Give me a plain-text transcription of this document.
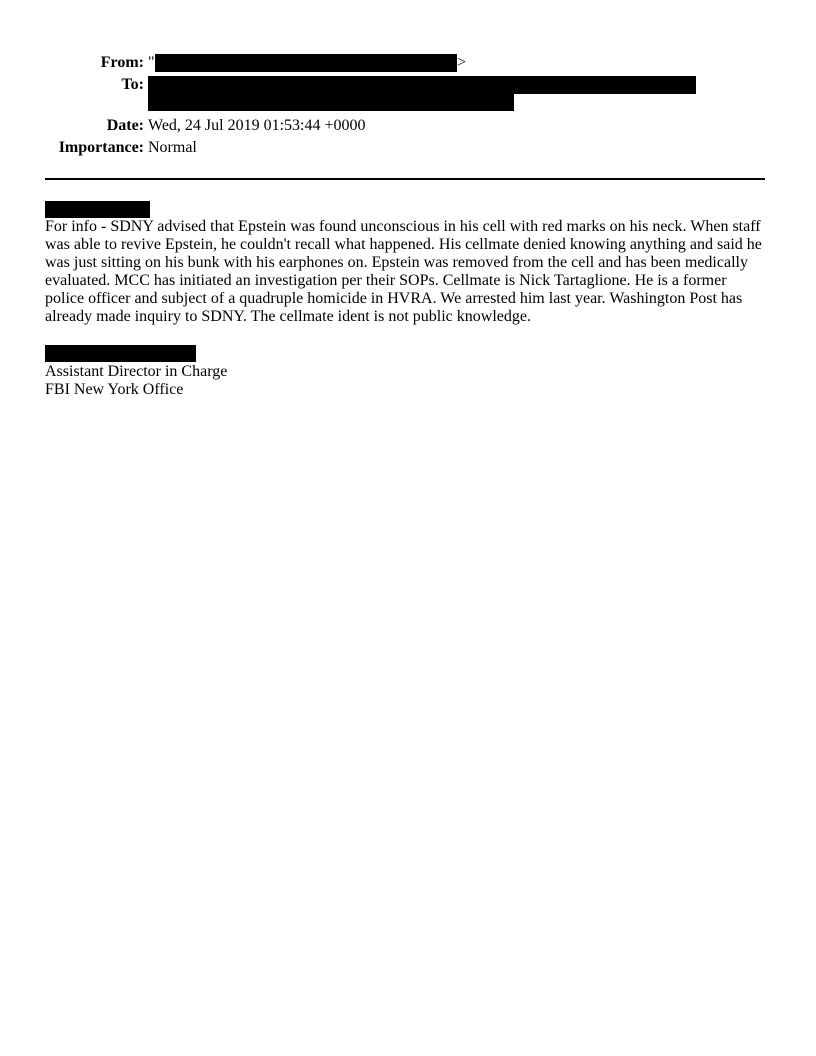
From: "	>
To:
Date: Wed, 24 Jul 2019 01:53:44 +0000
Importance: Normal
For info - SDNY advised that Epstein was found unconscious in his cell with red marks on his neck. When staff
was able to revive Epstein, he couldn't recall what happened. His cellmate denied knowing anything and said he
was just sitting on his bunk with his earphones on. Epstein was removed from the cell and has been medically
evaluated. MCC has initiated an investigation per their SOPs. Cellmate is Nick Tartaglione. He is a former
police officer and subject of a quadruple homicide in HVRA. We arrested him last year. Washington Post has
already made inquiry to SDNY. The cellmate ident is not public knowledge.
Assistant Director in Charge
FBI New York Office
